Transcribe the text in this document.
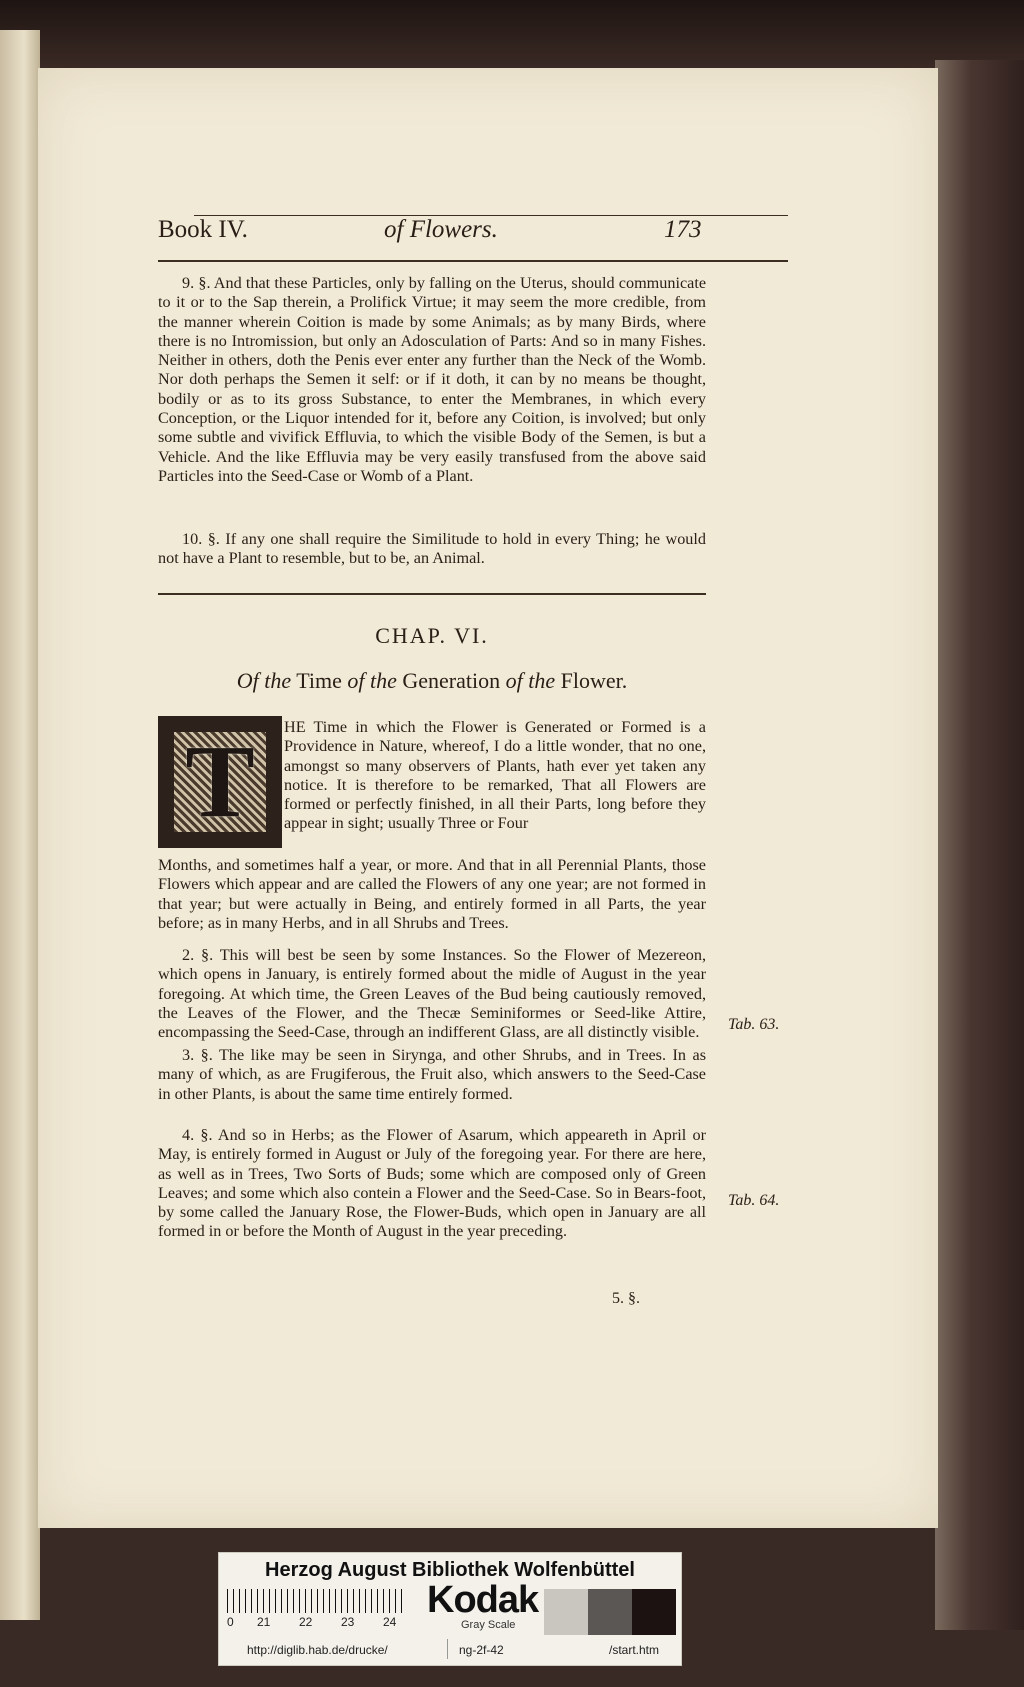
Book IV.	of Flowers.	173

9. §. And that these Particles, only by falling on the Uterus, should communicate to it or to the Sap therein, a Prolifick Virtue; it may seem the more credible, from the manner wherein Coition is made by some Animals; as by many Birds, where there is no Intromission, but only an Adosculation of Parts: And so in many Fishes. Neither in others, doth the Penis ever enter any further than the Neck of the Womb. Nor doth perhaps the Semen it self: or if it doth, it can by no means be thought, bodily or as to its gross Substance, to enter the Membranes, in which every Conception, or the Liquor intended for it, before any Coition, is involved; but only some subtle and vivifick Effluvia, to which the visible Body of the Semen, is but a Vehicle. And the like Effluvia may be very easily transfused from the above said Particles into the Seed-Case or Womb of a Plant.

10. §. If any one shall require the Similitude to hold in every Thing; he would not have a Plant to resemble, but to be, an Animal.

CHAP. VI.
Of the Time of the Generation of the Flower.
T	HE Time in which the Flower is Generated or Formed is a Providence in Nature, whereof, I do a little wonder, that no one, amongst so many observers of Plants, hath ever yet taken any notice. It is therefore to be remarked, That all Flowers are formed or perfectly finished, in all their Parts, long before they appear in sight; usually Three or Four

Months, and sometimes half a year, or more. And that in all Perennial Plants, those Flowers which appear and are called the Flowers of any one year; are not formed in that year; but were actually in Being, and entirely formed in all Parts, the year before; as in many Herbs, and in all Shrubs and Trees.

2. §. This will best be seen by some Instances. So the Flower of Mezereon, which opens in January, is entirely formed about the midle of August in the year foregoing. At which time, the Green Leaves of the Bud being cautiously removed, the Leaves of the Flower, and the Thecæ Seminiformes or Seed-like Attire, encompassing the Seed-Case, through an indifferent Glass, are all distinctly visible.

3. §. The like may be seen in Sirynga, and other Shrubs, and in Trees. In as many of which, as are Frugiferous, the Fruit also, which answers to the Seed-Case in other Plants, is about the same time entirely formed.

4. §. And so in Herbs; as the Flower of Asarum, which appeareth in April or May, is entirely formed in August or July of the foregoing year. For there are here, as well as in Trees, Two Sorts of Buds; some which are composed only of Green Leaves; and some which also contein a Flower and the Seed-Case. So in Bears-foot, by some called the January Rose, the Flower-Buds, which open in January are all formed in or before the Month of August in the year preceding.

Tab. 63.
Tab. 64.
5. §.
Herzog August Bibliothek Wolfenbüttel
0 21 22 23 24
Kodak
Gray Scale
http://diglib.hab.de/drucke/	ng-2f-42	/start.htm
